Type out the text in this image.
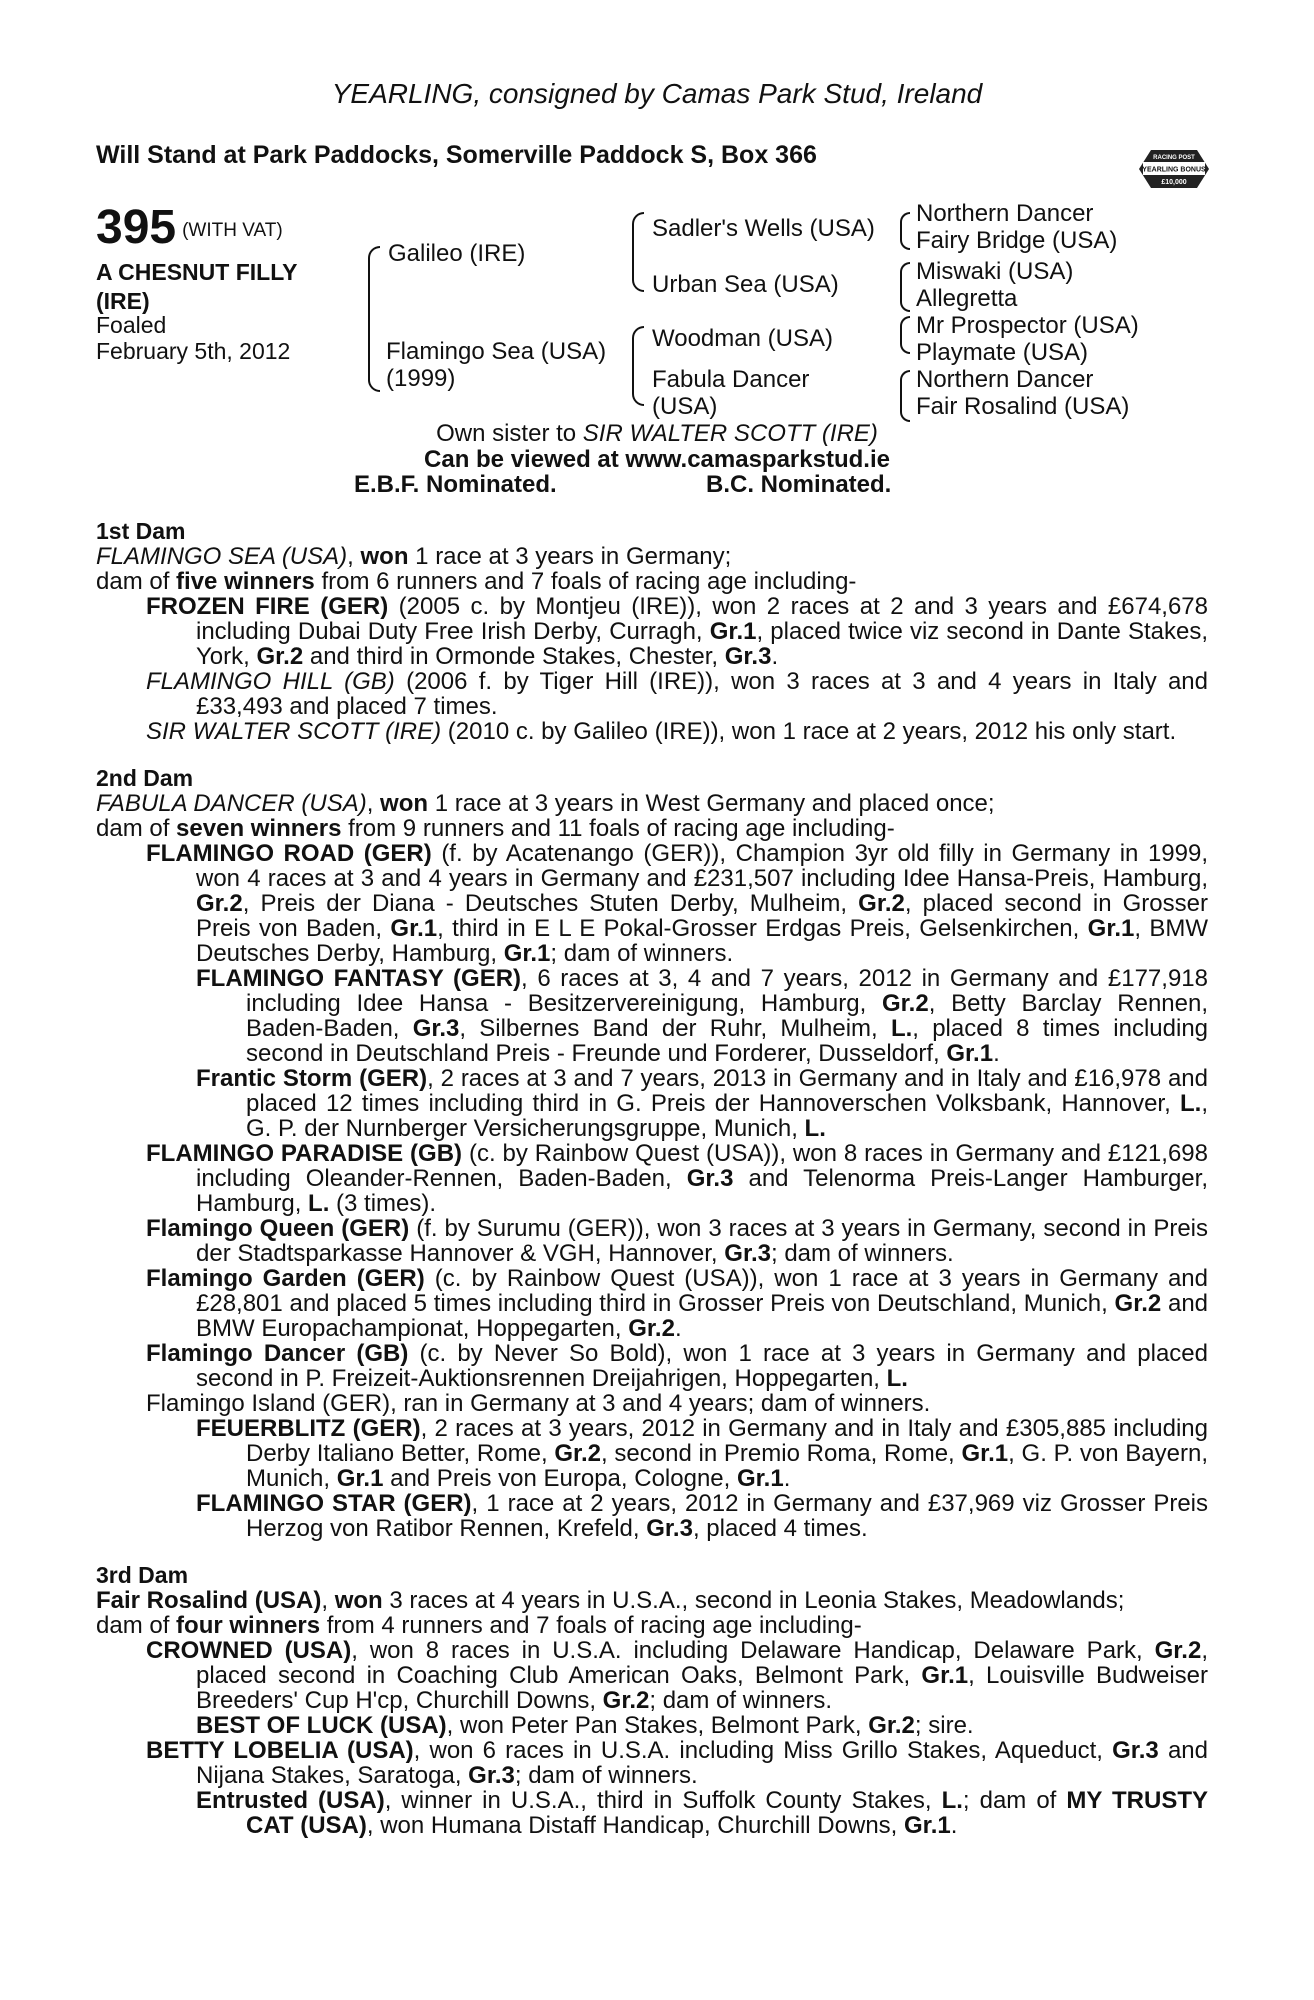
YEARLING, consigned by Camas Park Stud, Ireland
Will Stand at Park Paddocks, Somerville Paddock S, Box 366	RACING POST
YEARLING BONUS
£10,000
395 (WITH VAT)
A CHESNUT FILLY
(IRE)
Foaled
February 5th, 2012
Galileo (IRE)
Flamingo Sea (USA)
(1999)
Sadler's Wells (USA)
Urban Sea (USA)
Woodman (USA)
Fabula Dancer
(USA)
Northern Dancer
Fairy Bridge (USA)
Miswaki (USA)
Allegretta
Mr Prospector (USA)
Playmate (USA)
Northern Dancer
Fair Rosalind (USA)
Own sister to SIR WALTER SCOTT (IRE)
Can be viewed at www.camasparkstud.ie
E.B.F. Nominated.	B.C. Nominated.

1st Dam

FLAMINGO SEA (USA), won 1 race at 3 years in Germany;

dam of five winners from 6 runners and 7 foals of racing age including-

FROZEN FIRE (GER) (2005 c. by Montjeu (IRE)), won 2 races at 2 and 3 years and £674,678 including Dubai Duty Free Irish Derby, Curragh, Gr.1, placed twice viz second in Dante Stakes, York, Gr.2 and third in Ormonde Stakes, Chester, Gr.3.

FLAMINGO HILL (GB) (2006 f. by Tiger Hill (IRE)), won 3 races at 3 and 4 years in Italy and £33,493 and placed 7 times.

SIR WALTER SCOTT (IRE) (2010 c. by Galileo (IRE)), won 1 race at 2 years, 2012 his only start.

2nd Dam

FABULA DANCER (USA), won 1 race at 3 years in West Germany and placed once;

dam of seven winners from 9 runners and 11 foals of racing age including-

FLAMINGO ROAD (GER) (f. by Acatenango (GER)), Champion 3yr old filly in Germany in 1999, won 4 races at 3 and 4 years in Germany and £231,507 including Idee Hansa-Preis, Hamburg, Gr.2, Preis der Diana - Deutsches Stuten Derby, Mulheim, Gr.2, placed second in Grosser Preis von Baden, Gr.1, third in E L E Pokal-Grosser Erdgas Preis, Gelsenkirchen, Gr.1, BMW Deutsches Derby, Hamburg, Gr.1; dam of winners.

FLAMINGO FANTASY (GER), 6 races at 3, 4 and 7 years, 2012 in Germany and £177,918 including Idee Hansa - Besitzervereinigung, Hamburg, Gr.2, Betty Barclay Rennen, Baden-Baden, Gr.3, Silbernes Band der Ruhr, Mulheim, L., placed 8 times including second in Deutschland Preis - Freunde und Forderer, Dusseldorf, Gr.1.

Frantic Storm (GER), 2 races at 3 and 7 years, 2013 in Germany and in Italy and £16,978 and placed 12 times including third in G. Preis der Hannoverschen Volksbank, Hannover, L., G. P. der Nurnberger Versicherungsgruppe, Munich, L.

FLAMINGO PARADISE (GB) (c. by Rainbow Quest (USA)), won 8 races in Germany and £121,698 including Oleander-Rennen, Baden-Baden, Gr.3 and Telenorma Preis-Langer Hamburger, Hamburg, L. (3 times).

Flamingo Queen (GER) (f. by Surumu (GER)), won 3 races at 3 years in Germany, second in Preis der Stadtsparkasse Hannover & VGH, Hannover, Gr.3; dam of winners.

Flamingo Garden (GER) (c. by Rainbow Quest (USA)), won 1 race at 3 years in Germany and £28,801 and placed 5 times including third in Grosser Preis von Deutschland, Munich, Gr.2 and BMW Europachampionat, Hoppegarten, Gr.2.

Flamingo Dancer (GB) (c. by Never So Bold), won 1 race at 3 years in Germany and placed second in P. Freizeit-Auktionsrennen Dreijahrigen, Hoppegarten, L.

Flamingo Island (GER), ran in Germany at 3 and 4 years; dam of winners.

FEUERBLITZ (GER), 2 races at 3 years, 2012 in Germany and in Italy and £305,885 including Derby Italiano Better, Rome, Gr.2, second in Premio Roma, Rome, Gr.1, G. P. von Bayern, Munich, Gr.1 and Preis von Europa, Cologne, Gr.1.

FLAMINGO STAR (GER), 1 race at 2 years, 2012 in Germany and £37,969 viz Grosser Preis Herzog von Ratibor Rennen, Krefeld, Gr.3, placed 4 times.

3rd Dam

Fair Rosalind (USA), won 3 races at 4 years in U.S.A., second in Leonia Stakes, Meadowlands;

dam of four winners from 4 runners and 7 foals of racing age including-

CROWNED (USA), won 8 races in U.S.A. including Delaware Handicap, Delaware Park, Gr.2, placed second in Coaching Club American Oaks, Belmont Park, Gr.1, Louisville Budweiser Breeders' Cup H'cp, Churchill Downs, Gr.2; dam of winners.

BEST OF LUCK (USA), won Peter Pan Stakes, Belmont Park, Gr.2; sire.

BETTY LOBELIA (USA), won 6 races in U.S.A. including Miss Grillo Stakes, Aqueduct, Gr.3 and Nijana Stakes, Saratoga, Gr.3; dam of winners.

Entrusted (USA), winner in U.S.A., third in Suffolk County Stakes, L.; dam of MY TRUSTY CAT (USA), won Humana Distaff Handicap, Churchill Downs, Gr.1.
